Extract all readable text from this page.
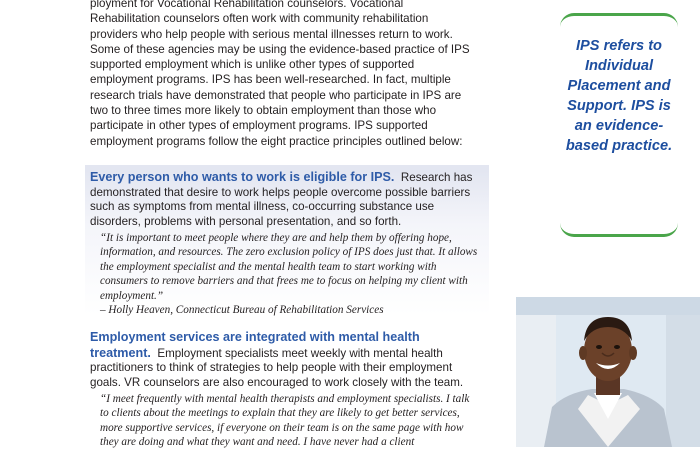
ployment for Vocational Rehabilitation counselors. Vocational Rehabilitation counselors often work with community rehabilitation providers who help people with serious mental illnesses return to work. Some of these agencies may be using the evidence-based practice of IPS supported employment which is unlike other types of supported employment programs. IPS has been well-researched. In fact, multiple research trials have demonstrated that people who participate in IPS are two to three times more likely to obtain employment than those who participate in other types of employment programs. IPS supported employment programs follow the eight practice principles outlined below:

Every person who wants to work is eligible for IPS. Research has demonstrated that desire to work helps people overcome possible barriers such as symptoms from mental illness, co-occurring substance use disorders, problems with personal presentation, and so forth.

“It is important to meet people where they are and help them by offering hope, information, and resources. The zero exclusion policy of IPS does just that. It allows the employment specialist and the mental health team to start working with consumers to remove barriers and that frees me to focus on helping my client with employment.”

– Holly Heaven, Connecticut Bureau of Rehabilitation Services

Employment services are integrated with mental health treatment. Employment specialists meet weekly with mental health practitioners to think of strategies to help people with their employment goals. VR counselors are also encouraged to work closely with the team.

“I meet frequently with mental health therapists and employment specialists. I talk to clients about the meetings to explain that they are likely to get better services, more supportive services, if everyone on their team is on the same page with how they are doing and what they want and need. I have never had a client

IPS refers to Individual Placement and Support. IPS is an evidence-based practice.
